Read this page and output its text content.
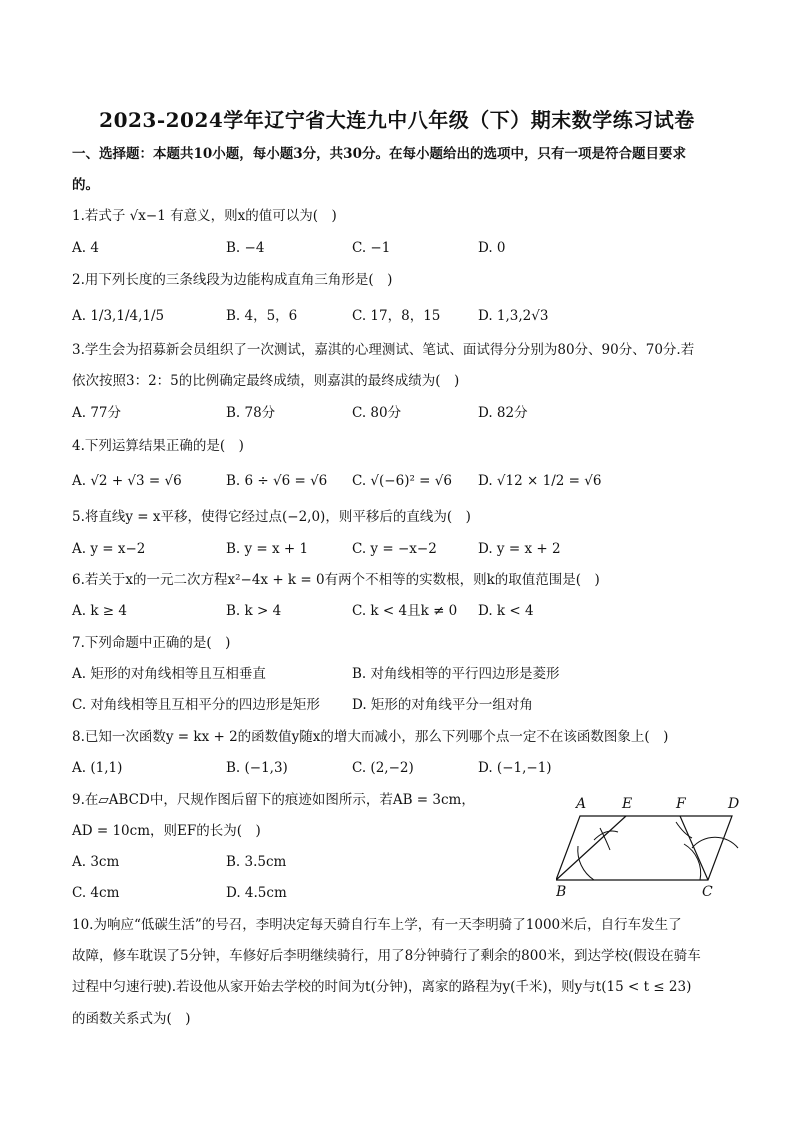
2023-2024学年辽宁省大连九中八年级（下）期末数学练习试卷
一、选择题：本题共10小题，每小题3分，共30分。在每小题给出的选项中，只有一项是符合题目要求
的。
1.若式子 √x−1 有意义，则x的值可以为(　)
A. 4	B. −4	C. −1	D. 0
2.用下列长度的三条线段为边能构成直角三角形是(　)
A. 1/3,1/4,1/5	B. 4，5，6	C. 17，8，15	D. 1,3,2√3
3.学生会为招募新会员组织了一次测试，嘉淇的心理测试、笔试、面试得分分别为80分、90分、70分.若
依次按照3：2：5的比例确定最终成绩，则嘉淇的最终成绩为(　)
A. 77分	B. 78分	C. 80分	D. 82分
4.下列运算结果正确的是(　)
A. √2 + √3 = √6	B. 6 ÷ √6 = √6 C. √(−6)² = √6 D. √12 × 1/2 = √6
5.将直线y = x平移，使得它经过点(−2,0)，则平移后的直线为(　)
A. y = x−2	B. y = x + 1	C. y = −x−2	D. y = x + 2
6.若关于x的一元二次方程x²−4x + k = 0有两个不相等的实数根，则k的取值范围是(　)
A. k ≥ 4	B. k > 4	C. k < 4且k ≠ 0 D. k < 4
7.下列命题中正确的是(　)
A. 矩形的对角线相等且互相垂直	B. 对角线相等的平行四边形是菱形
C. 对角线相等且互相平分的四边形是矩形 D. 矩形的对角线平分一组对角
8.已知一次函数y = kx + 2的函数值y随x的增大而减小，那么下列哪个点一定不在该函数图象上(　)
A. (1,1)	B. (−1,3)	C. (2,−2)	D. (−1,−1)
9.在▱ABCD中，尺规作图后留下的痕迹如图所示，若AB = 3cm，
AD = 10cm，则EF的长为(　)
A. 3cm	B. 3.5cm
C. 4cm	D. 4.5cm
A	E	F	D
B	C
10.为响应“低碳生活”的号召，李明决定每天骑自行车上学，有一天李明骑了1000米后，自行车发生了
故障，修车耽误了5分钟，车修好后李明继续骑行，用了8分钟骑行了剩余的800米，到达学校(假设在骑车
过程中匀速行驶).若设他从家开始去学校的时间为t(分钟)，离家的路程为y(千米)，则y与t(15 < t ≤ 23)
的函数关系式为(　)
